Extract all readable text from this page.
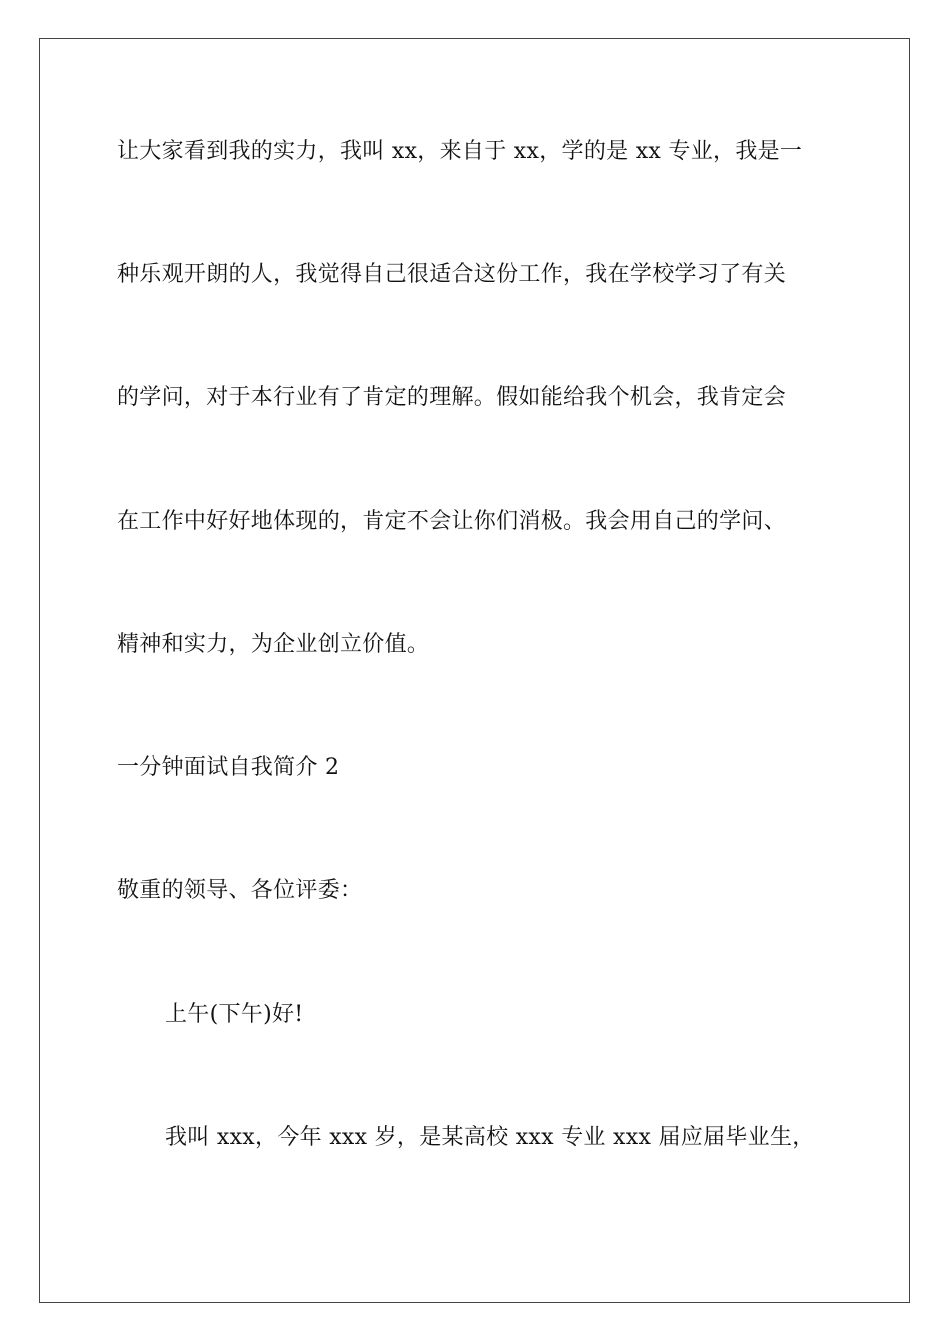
让大家看到我的实力，我叫 xx，来自于 xx，学的是 xx 专业，我是一
种乐观开朗的人，我觉得自己很适合这份工作，我在学校学习了有关
的学问，对于本行业有了肯定的理解。假如能给我个机会，我肯定会
在工作中好好地体现的，肯定不会让你们消极。我会用自己的学问、
精神和实力，为企业创立价值。
一分钟面试自我简介 2
敬重的领导、各位评委：
上午(下午)好!
我叫 xxx，今年 xxx 岁，是某高校 xxx 专业 xxx 届应届毕业生，
